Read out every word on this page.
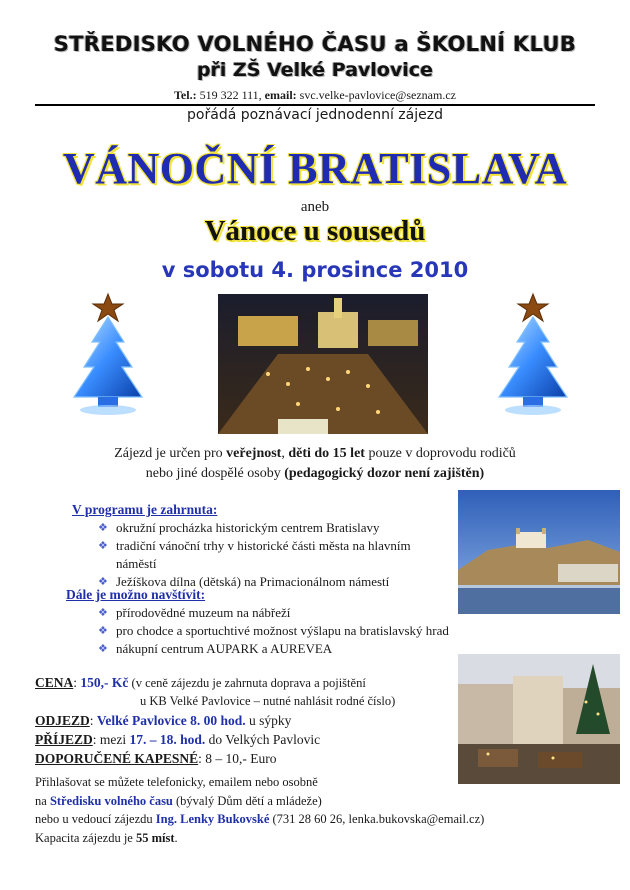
STŘEDISKO VOLNÉHO ČASU a ŠKOLNÍ KLUB
při ZŠ Velké Pavlovice
Tel.: 519 322 111, email: svc.velke-pavlovice@seznam.cz
pořádá poznávací jednodenní zájezd
VÁNOČNÍ BRATISLAVA
aneb
Vánoce u sousedů
v sobotu 4. prosince 2010
Zájezd je určen pro veřejnost, děti do 15 let pouze v doprovodu rodičů
nebo jiné dospělé osoby (pedagogický dozor není zajištěn)
V programu je zahrnuta:
❖ okružní procházka historickým centrem Bratislavy
❖ tradiční vánoční trhy v historické části města na hlavním náměstí
❖ Ježíškova dílna (dětská) na Primacionálnom námestí
Dále je možno navštívit:
❖ přírodovědné muzeum na nábřeží
❖ pro chodce a sportuchtivé možnost výšlapu na bratislavský hrad
❖ nákupní centrum AUPARK a AUREVEA
CENA: 150,- Kč (v ceně zájezdu je zahrnuta doprava a pojištění
u KB Velké Pavlovice – nutné nahlásit rodné číslo)
ODJEZD: Velké Pavlovice 8. 00 hod. u sýpky
PŘÍJEZD: mezi 17. – 18. hod. do Velkých Pavlovic
DOPORUČENÉ KAPESNÉ: 8 – 10,- Euro
Přihlašovat se můžete telefonicky, emailem nebo osobně
na Středisku volného času (bývalý Dům dětí a mládeže)
nebo u vedoucí zájezdu Ing. Lenky Bukovské (731 28 60 26, lenka.bukovska@email.cz)
Kapacita zájezdu je 55 míst.
